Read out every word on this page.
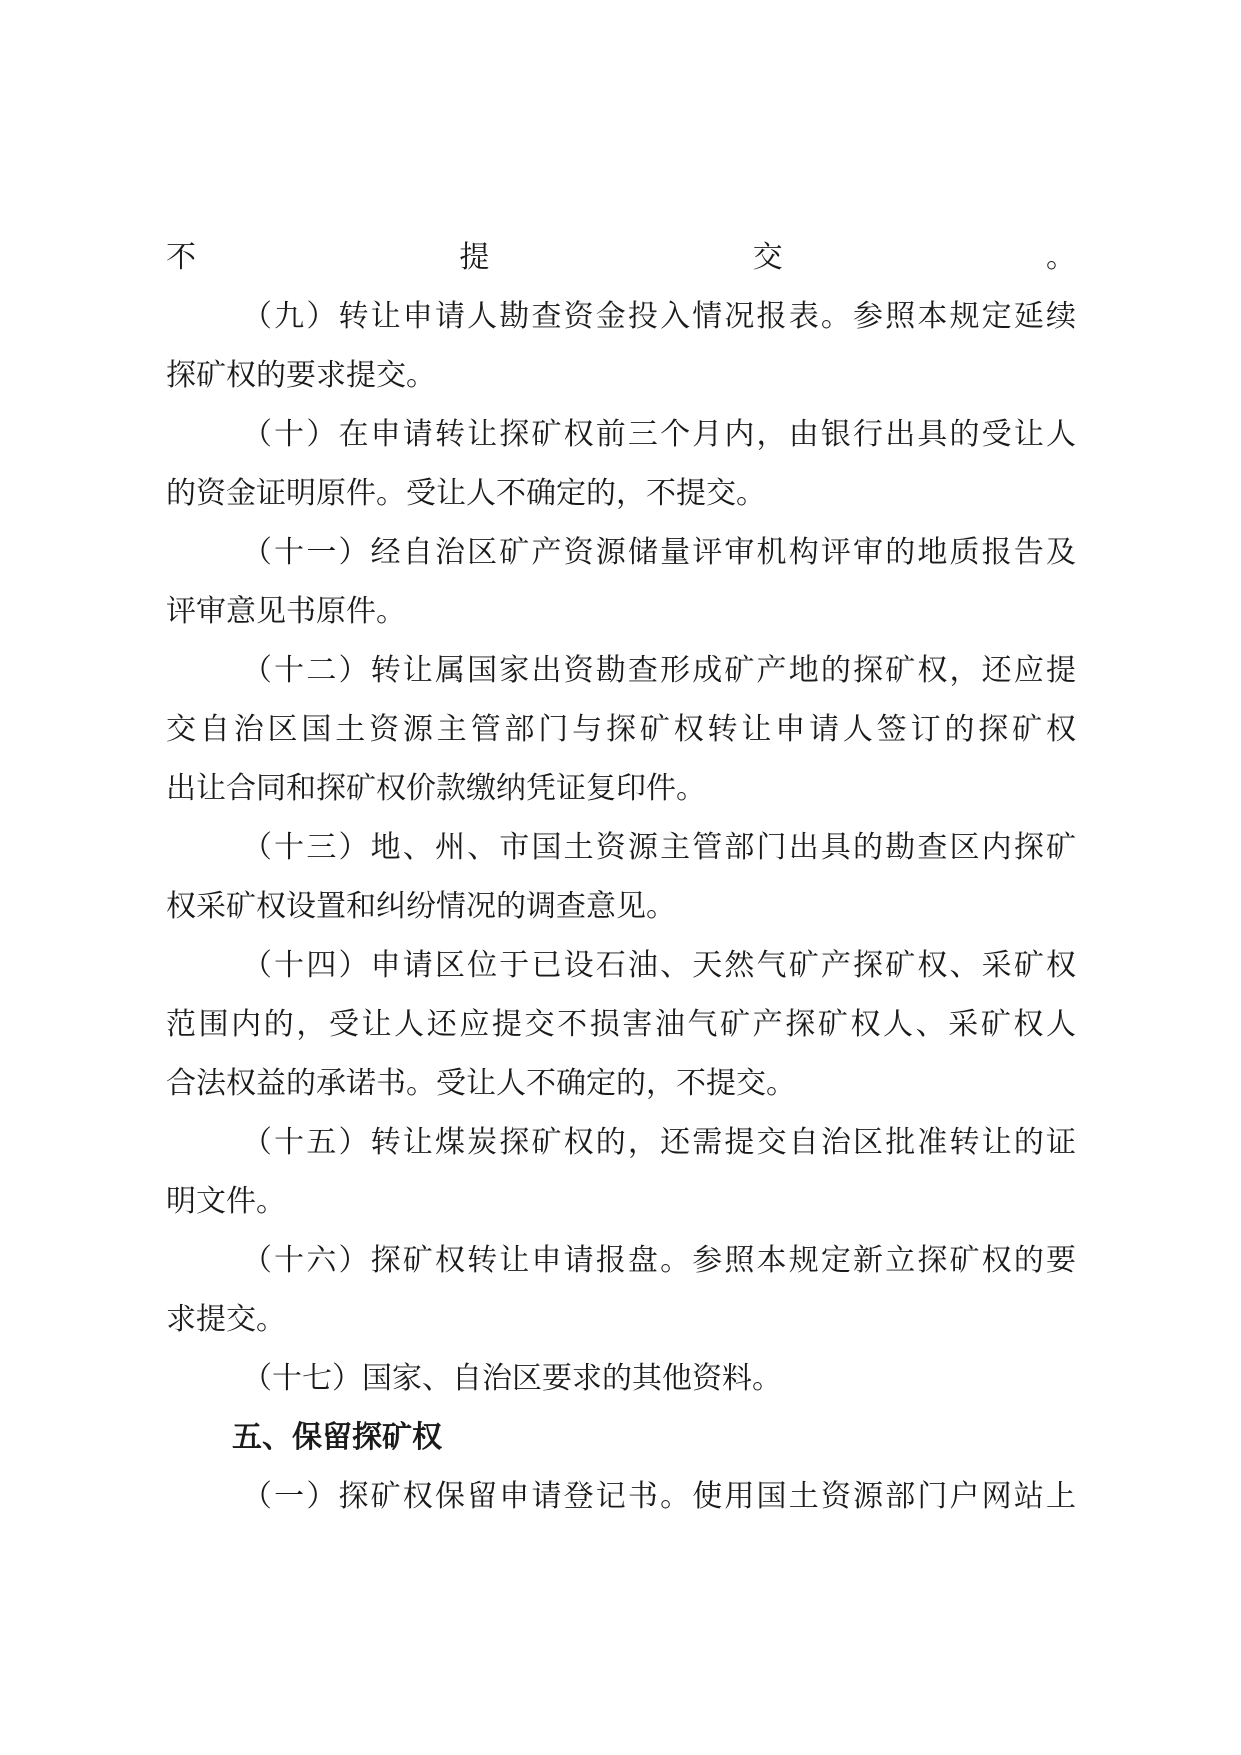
不提交。
（九）转让申请人勘查资金投入情况报表。参照本规定延续
探矿权的要求提交。
（十）在申请转让探矿权前三个月内，由银行出具的受让人
的资金证明原件。受让人不确定的，不提交。
（十一）经自治区矿产资源储量评审机构评审的地质报告及
评审意见书原件。
（十二）转让属国家出资勘查形成矿产地的探矿权，还应提
交自治区国土资源主管部门与探矿权转让申请人签订的探矿权
出让合同和探矿权价款缴纳凭证复印件。
（十三）地、州、市国土资源主管部门出具的勘查区内探矿
权采矿权设置和纠纷情况的调查意见。
（十四）申请区位于已设石油、天然气矿产探矿权、采矿权
范围内的，受让人还应提交不损害油气矿产探矿权人、采矿权人
合法权益的承诺书。受让人不确定的，不提交。
（十五）转让煤炭探矿权的，还需提交自治区批准转让的证
明文件。
（十六）探矿权转让申请报盘。参照本规定新立探矿权的要
求提交。
（十七）国家、自治区要求的其他资料。
五、保留探矿权
（一）探矿权保留申请登记书。使用国土资源部门户网站上
